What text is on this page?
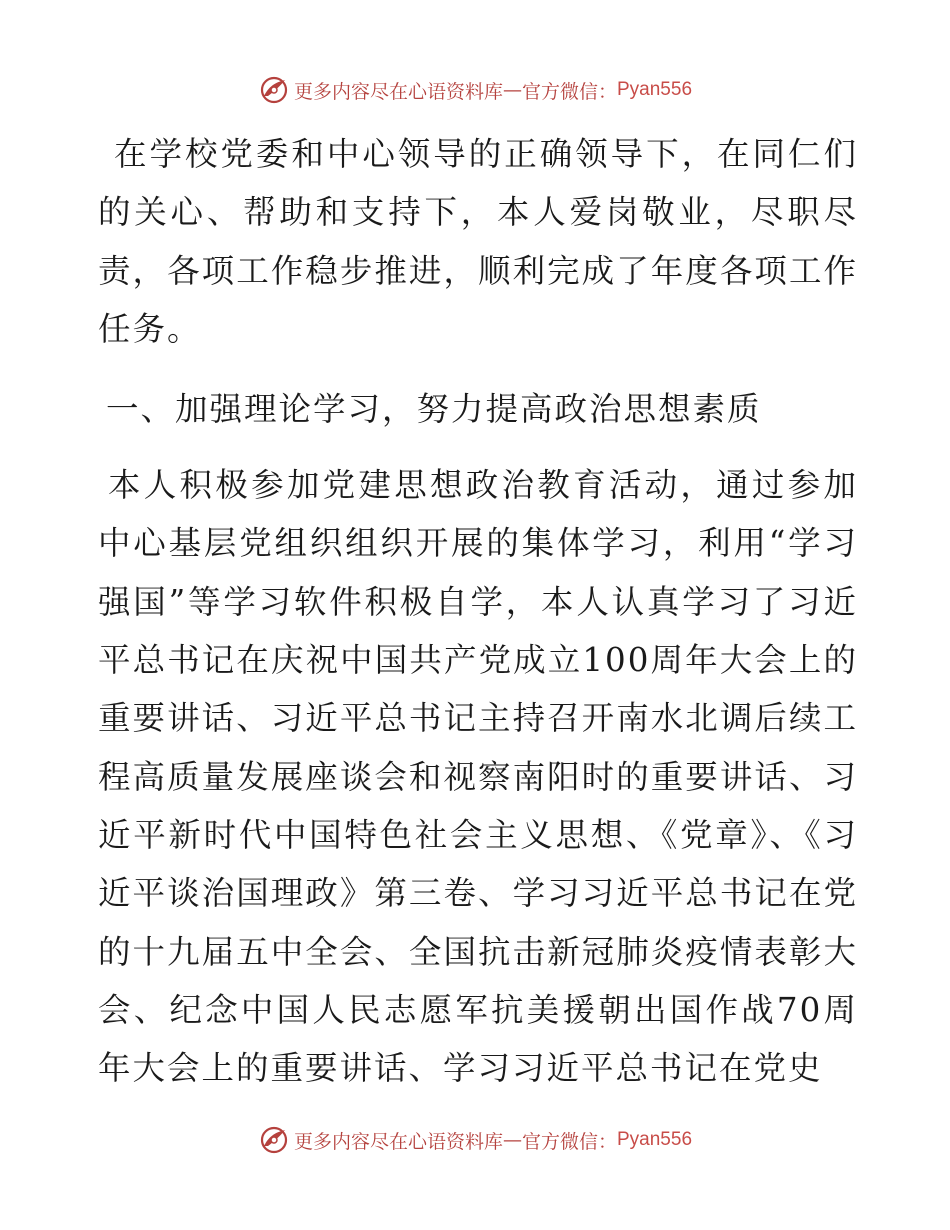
更多内容尽在心语资料库 — 官方微信： Pyan556

在学校党委和中心领导的正确领导下，在同仁们的关心、帮助和支持下，本人爱岗敬业，尽职尽责，各项工作稳步推进，顺利完成了年度各项工作任务。

一、加强理论学习，努力提高政治思想素质

本人积极参加党建思想政治教育活动，通过参加中心基层党组织组织开展的集体学习，利用“学习强国”等学习软件积极自学，本人认真学习了习近平总书记在庆祝中国共产党成立100周年大会上的重要讲话、习近平总书记主持召开南水北调后续工程高质量发展座谈会和视察南阳时的重要讲话、习近平新时代中国特色社会主义思想、《党章》、《习近平谈治国理政》第三卷、学习习近平总书记在党的十九届五中全会、全国抗击新冠肺炎疫情表彰大会、纪念中国人民志愿军抗美援朝出国作战70周年大会上的重要讲话、学习习近平总书记在党史

更多内容尽在心语资料库 — 官方微信： Pyan556
